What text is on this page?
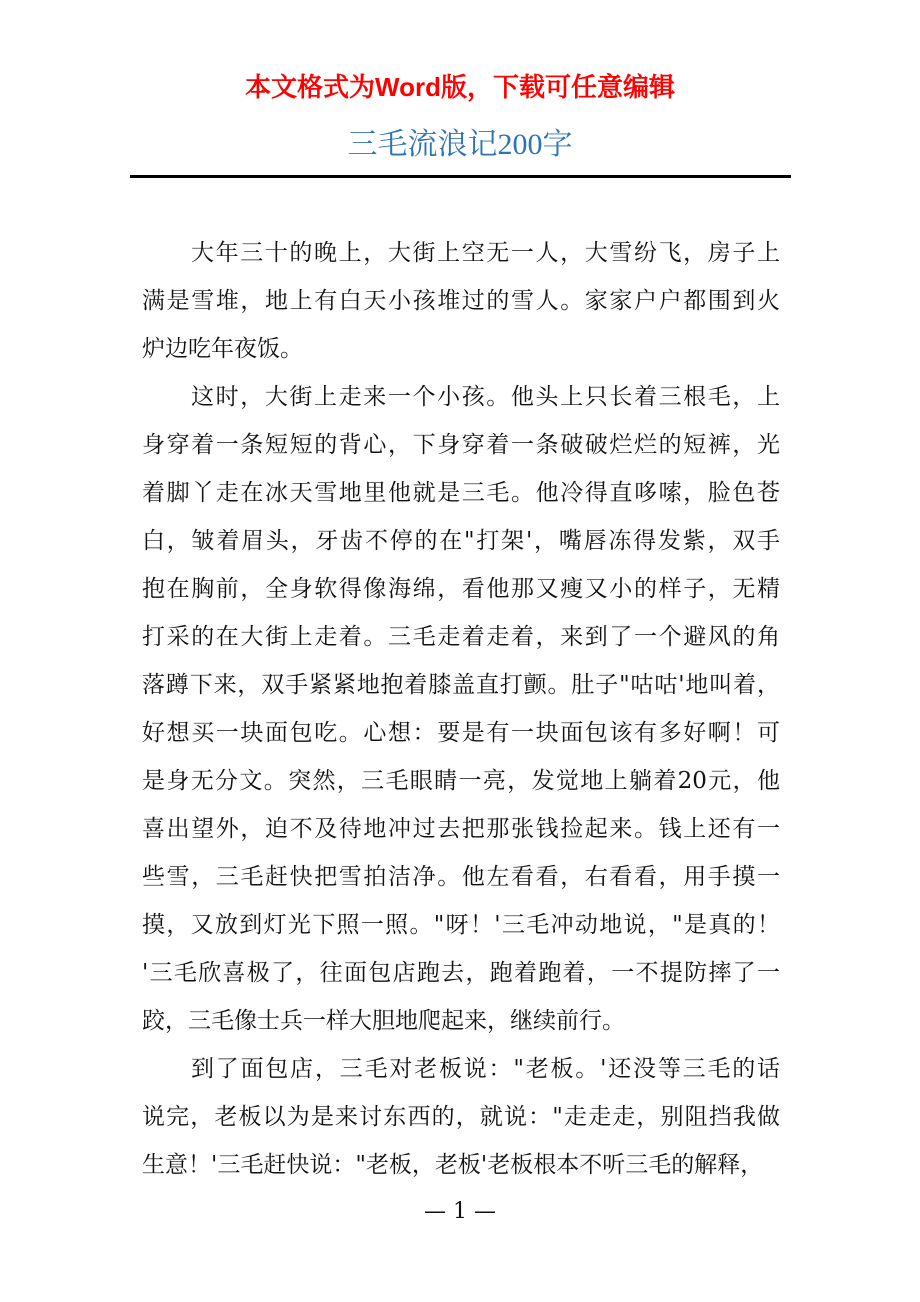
本文格式为Word版，下载可任意编辑
三毛流浪记200字
大年三十的晚上，大街上空无一人，大雪纷飞，房子上
满是雪堆，地上有白天小孩堆过的雪人。家家户户都围到火
炉边吃年夜饭。
这时，大街上走来一个小孩。他头上只长着三根毛，上
身穿着一条短短的背心，下身穿着一条破破烂烂的短裤，光
着脚丫走在冰天雪地里他就是三毛。他冷得直哆嗦，脸色苍
白，皱着眉头，牙齿不停的在"打架'，嘴唇冻得发紫，双手
抱在胸前，全身软得像海绵，看他那又瘦又小的样子，无精
打采的在大街上走着。三毛走着走着，来到了一个避风的角
落蹲下来，双手紧紧地抱着膝盖直打颤。肚子"咕咕'地叫着，
好想买一块面包吃。心想：要是有一块面包该有多好啊！可
是身无分文。突然，三毛眼睛一亮，发觉地上躺着20元，他
喜出望外，迫不及待地冲过去把那张钱捡起来。钱上还有一
些雪，三毛赶快把雪拍洁净。他左看看，右看看，用手摸一
摸，又放到灯光下照一照。"呀！'三毛冲动地说，"是真的！
'三毛欣喜极了，往面包店跑去，跑着跑着，一不提防摔了一
跤，三毛像士兵一样大胆地爬起来，继续前行。
到了面包店，三毛对老板说："老板。'还没等三毛的话
说完，老板以为是来讨东西的，就说："走走走，别阻挡我做
生意！'三毛赶快说："老板，老板'老板根本不听三毛的解释，
— 1 —
